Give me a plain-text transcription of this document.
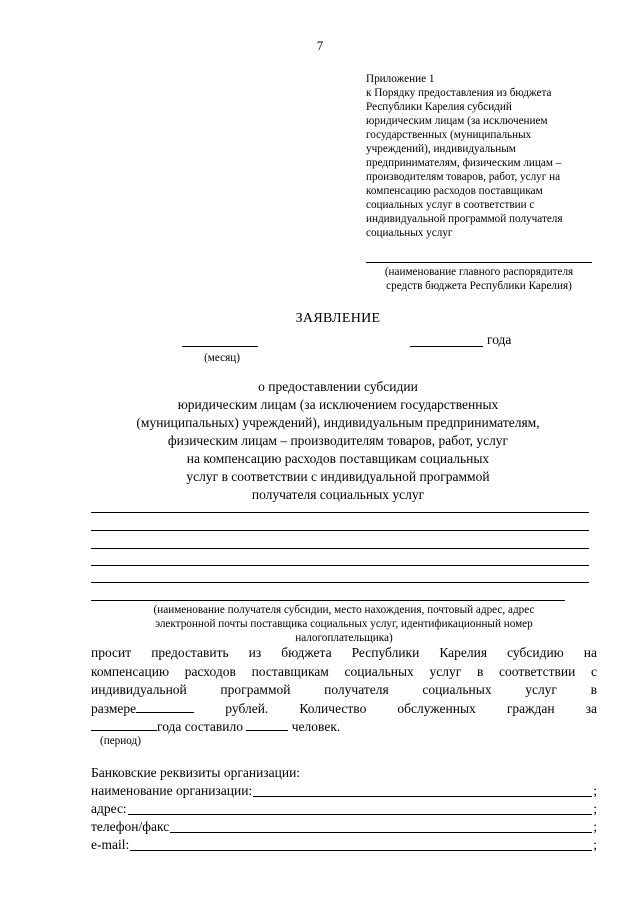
7
Приложение 1
к Порядку предоставления из бюджета
Республики Карелия субсидий
юридическим лицам (за исключением
государственных (муниципальных
учреждений), индивидуальным
предпринимателям, физическим лицам –
производителям товаров, работ, услуг на
компенсацию расходов поставщикам
социальных услуг в соответствии с
индивидуальной программой получателя
социальных услуг
(наименование главного распорядителя
средств бюджета Республики Карелия)
ЗАЯВЛЕНИЕ
(месяц)
года
о предоставлении субсидии
юридическим лицам (за исключением государственных
(муниципальных) учреждений), индивидуальным предпринимателям,
физическим лицам – производителям товаров, работ, услуг
на компенсацию расходов поставщикам социальных
услуг в соответствии с индивидуальной программой
получателя социальных услуг
(наименование получателя субсидии, место нахождения, почтовый адрес, адрес
электронной почты поставщика социальных услуг, идентификационный номер
налогоплательщика)
просит предоставить из бюджета Республики Карелия субсидию на
компенсацию расходов поставщикам социальных услуг в соответствии с
индивидуальной программой получателя социальных услуг в
размере	рублей. Количество обслуженных граждан за
года составило	человек.
(период)
Банковские реквизиты организации:
наименование организации:	;
адрес:	;
телефон/факс	;
e-mail:	;
